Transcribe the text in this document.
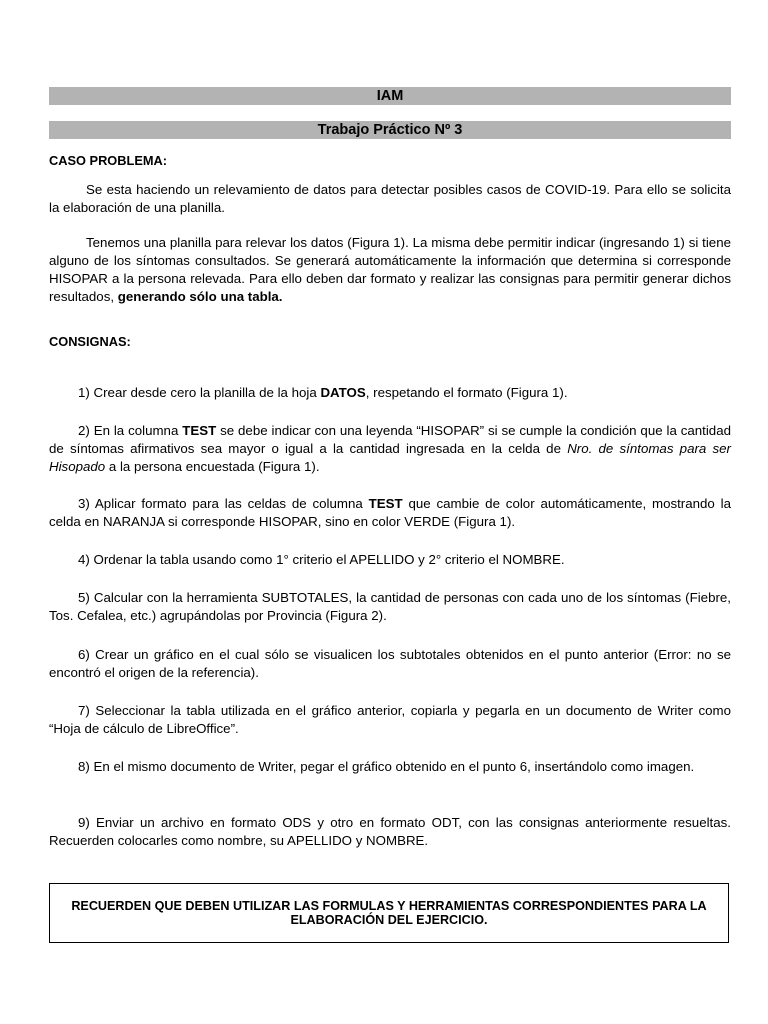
IAM
Trabajo Práctico Nº 3
CASO PROBLEMA:

Se esta haciendo un relevamiento de datos para detectar posibles casos de COVID-19. Para ello se solicita la elaboración de una planilla.

Tenemos una planilla para relevar los datos (Figura 1). La misma debe permitir indicar (ingresando 1) si tiene alguno de los síntomas consultados. Se generará automáticamente la información que determina si corresponde HISOPAR a la persona relevada. Para ello deben dar formato y realizar las consignas para permitir generar dichos resultados, generando sólo una tabla.

CONSIGNAS:

1) Crear desde cero la planilla de la hoja DATOS, respetando el formato (Figura 1).

2) En la columna TEST se debe indicar con una leyenda “HISOPAR” si se cumple la condición que la cantidad de síntomas afirmativos sea mayor o igual a la cantidad ingresada en la celda de Nro. de síntomas para ser Hisopado a la persona encuestada (Figura 1).

3) Aplicar formato para las celdas de columna TEST que cambie de color automáticamente, mostrando la celda en NARANJA si corresponde HISOPAR, sino en color VERDE (Figura 1).

4) Ordenar la tabla usando como 1° criterio el APELLIDO y 2° criterio el NOMBRE.

5) Calcular con la herramienta SUBTOTALES, la cantidad de personas con cada uno de los síntomas (Fiebre, Tos. Cefalea, etc.) agrupándolas por Provincia (Figura 2).

6) Crear un gráfico en el cual sólo se visualicen los subtotales obtenidos en el punto anterior (Error: no se encontró el origen de la referencia).

7) Seleccionar la tabla utilizada en el gráfico anterior, copiarla y pegarla en un documento de Writer como “Hoja de cálculo de LibreOffice”.

8) En el mismo documento de Writer, pegar el gráfico obtenido en el punto 6, insertándolo como imagen.

9) Enviar un archivo en formato ODS y otro en formato ODT, con las consignas anteriormente resueltas. Recuerden colocarles como nombre, su APELLIDO y NOMBRE.

RECUERDEN QUE DEBEN UTILIZAR LAS FORMULAS Y HERRAMIENTAS CORRESPONDIENTES PARA LA
ELABORACIÓN DEL EJERCICIO.
